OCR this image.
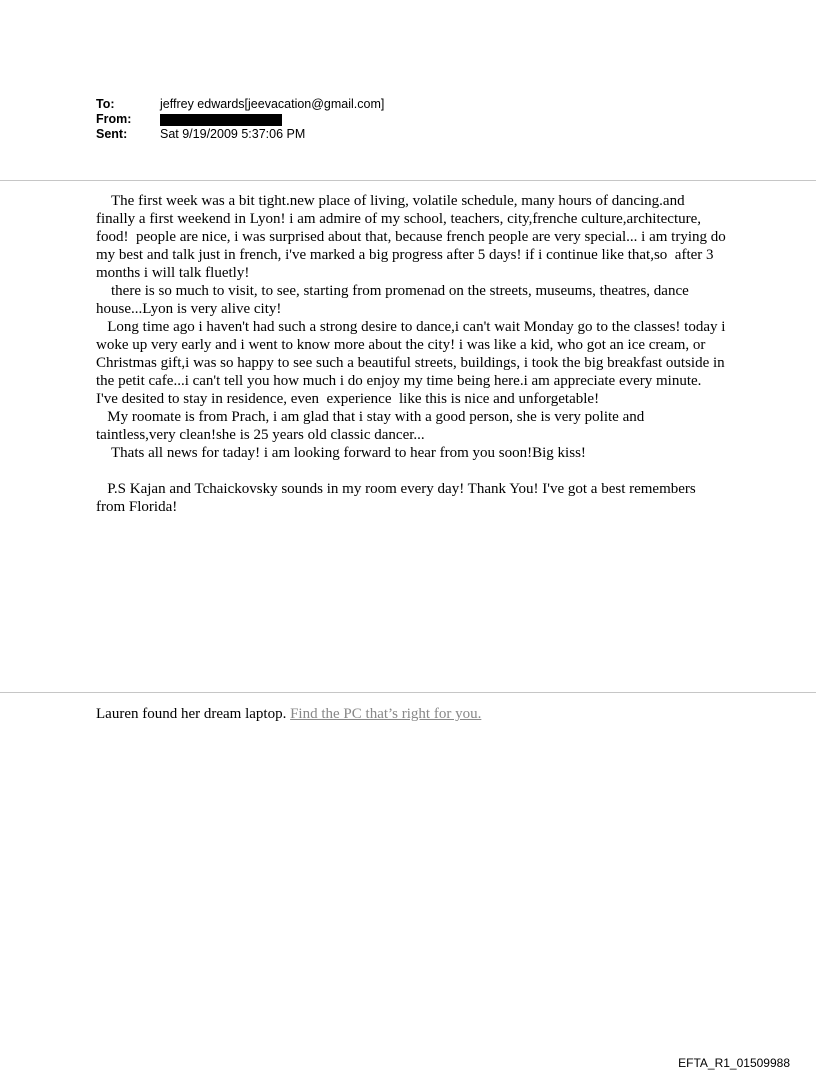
To:	jeffrey edwards[jeevacation@gmail.com]
From:
Sent:	Sat 9/19/2009 5:37:06 PM

The first week was a bit tight.new place of living, volatile schedule, many hours of dancing.and finally a first weekend in Lyon! i am admire of my school, teachers, city,frenche culture,architecture, food!  people are nice, i was surprised about that, because french people are very special... i am trying do my best and talk just in french, i've marked a big progress after 5 days! if i continue like that,so  after 3 months i will talk fluetly!

there is so much to visit, to see, starting from promenad on the streets, museums, theatres, dance house...Lyon is very alive city!

Long time ago i haven't had such a strong desire to dance,i can't wait Monday go to the classes! today i woke up very early and i went to know more about the city! i was like a kid, who got an ice cream, or Christmas gift,i was so happy to see such a beautiful streets, buildings, i took the big breakfast outside in the petit cafe...i can't tell you how much i do enjoy my time being here.i am appreciate every minute. I've desited to stay in residence, even  experience  like this is nice and unforgetable!

My roomate is from Prach, i am glad that i stay with a good person, she is very polite and taintless,very clean!she is 25 years old classic dancer...

Thats all news for taday! i am looking forward to hear from you soon!Big kiss!

P.S Kajan and Tchaickovsky sounds in my room every day! Thank You! I've got a best remembers from Florida!

Lauren found her dream laptop. Find the PC that’s right for you.
EFTA_R1_01509988
